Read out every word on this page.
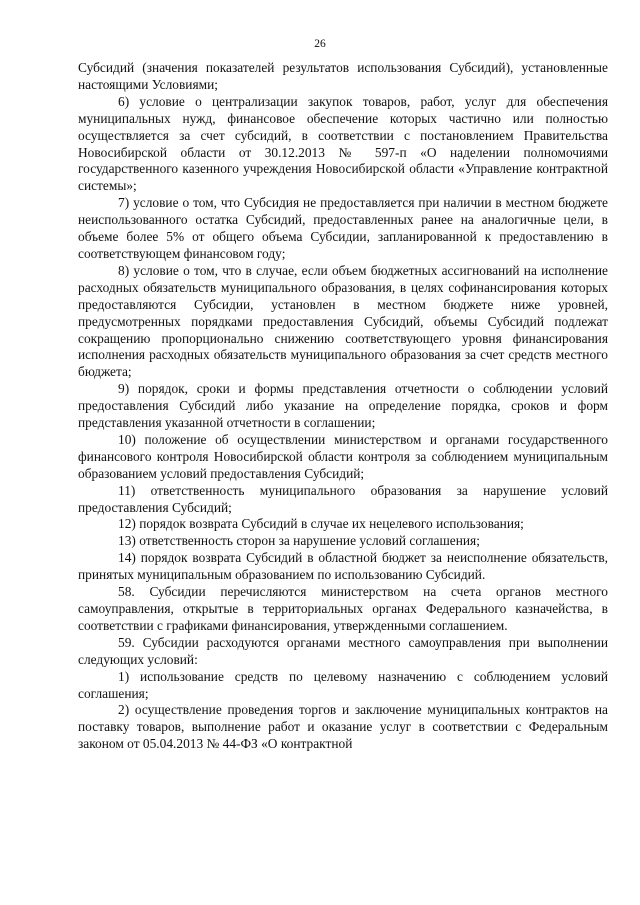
26

Субсидий (значения показателей результатов использования Субсидий), установленные настоящими Условиями;

6) условие о централизации закупок товаров, работ, услуг для обеспечения муниципальных нужд, финансовое обеспечение которых частично или полностью осуществляется за счет субсидий, в соответствии с постановлением Правительства Новосибирской области от 30.12.2013 № 597-п «О наделении полномочиями государственного казенного учреждения Новосибирской области «Управление контрактной системы»;

7) условие о том, что Субсидия не предоставляется при наличии в местном бюджете неиспользованного остатка Субсидий, предоставленных ранее на аналогичные цели, в объеме более 5% от общего объема Субсидии, запланированной к предоставлению в соответствующем финансовом году;

8) условие о том, что в случае, если объем бюджетных ассигнований на исполнение расходных обязательств муниципального образования, в целях софинансирования которых предоставляются Субсидии, установлен в местном бюджете ниже уровней, предусмотренных порядками предоставления Субсидий, объемы Субсидий подлежат сокращению пропорционально снижению соответствующего уровня финансирования исполнения расходных обязательств муниципального образования за счет средств местного бюджета;

9) порядок, сроки и формы представления отчетности о соблюдении условий предоставления Субсидий либо указание на определение порядка, сроков и форм представления указанной отчетности в соглашении;

10) положение об осуществлении министерством и органами государственного финансового контроля Новосибирской области контроля за соблюдением муниципальным образованием условий предоставления Субсидий;

11) ответственность муниципального образования за нарушение условий предоставления Субсидий;

12) порядок возврата Субсидий в случае их нецелевого использования;

13) ответственность сторон за нарушение условий соглашения;

14) порядок возврата Субсидий в областной бюджет за неисполнение обязательств, принятых муниципальным образованием по использованию Субсидий.

58. Субсидии перечисляются министерством на счета органов местного самоуправления, открытые в территориальных органах Федерального казначейства, в соответствии с графиками финансирования, утвержденными соглашением.

59. Субсидии расходуются органами местного самоуправления при выполнении следующих условий:

1) использование средств по целевому назначению с соблюдением условий соглашения;

2) осуществление проведения торгов и заключение муниципальных контрактов на поставку товаров, выполнение работ и оказание услуг в соответствии с Федеральным законом от 05.04.2013 № 44-ФЗ «О контрактной
